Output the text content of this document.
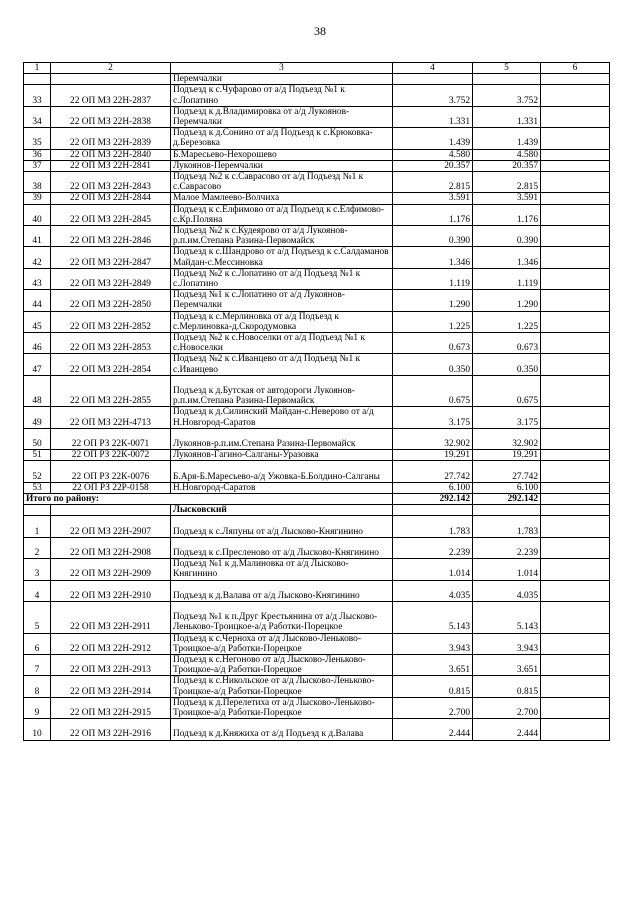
38
1	2	3	4	5	6
		Перемчалки			
33	22 ОП МЗ 22Н-2837	Подъезд к с.Чуфарово от а/д Подъезд №1 к с.Лопатино	3.752	3.752	
34	22 ОП МЗ 22Н-2838	Подъезд к д.Владимировка от а/д Лукоянов-Перемчалки	1.331	1.331	
35	22 ОП МЗ 22Н-2839	Подъезд к д.Сонино от а/д Подъезд к с.Крюковка-д.Березовка	1.439	1.439	
36	22 ОП МЗ 22Н-2840	Б.Маресьево-Нехорошево	4.580	4.580	
37	22 ОП МЗ 22Н-2841	Лукоянов-Перемчалки	20.357	20.357	
38	22 ОП МЗ 22Н-2843	Подъезд №2 к с.Саврасово от а/д Подъезд №1 к с.Саврасово	2.815	2.815	
39	22 ОП МЗ 22Н-2844	Малое Мамлеево-Волчиха	3.591	3.591	
40	22 ОП МЗ 22Н-2845	Подъезд к с.Елфимово от а/д Подъезд к с.Елфимово-с.Кр.Поляна	1.176	1.176	
41	22 ОП МЗ 22Н-2846	Подъезд №2 к с.Кудеярово от а/д Лукоянов-р.п.им.Степана Разина-Первомайск	0.390	0.390	
42	22 ОП МЗ 22Н-2847	Подъезд к с.Шандрово от а/д Подъезд к с.Салдаманов Майдан-с.Мессиновка	1.346	1.346	
43	22 ОП МЗ 22Н-2849	Подъезд №2 к с.Лопатино от а/д Подъезд №1 к с.Лопатино	1.119	1.119	
44	22 ОП МЗ 22Н-2850	Подъезд №1 к с.Лопатино от а/д Лукоянов-Перемчалки	1.290	1.290	
45	22 ОП МЗ 22Н-2852	Подъезд к с.Мерлиновка от а/д Подъезд к с.Мерлиновка-д.Скородумовка	1.225	1.225	
46	22 ОП МЗ 22Н-2853	Подъезд №2 к с.Новоселки от а/д Подъезд №1 к с.Новоселки	0.673	0.673	
47	22 ОП МЗ 22Н-2854	Подъезд №2 к с.Иванцево от а/д Подъезд №1 к с.Иванцево	0.350	0.350	
48	22 ОП МЗ 22Н-2855	Подъезд к д.Бутская от автодороги Лукоянов-р.п.им.Степана Разина-Первомайск	0.675	0.675	
49	22 ОП МЗ 22Н-4713	Подъезд к д.Силинский Майдан-с.Неверово от а/д Н.Новгород-Саратов	3.175	3.175	
50	22 ОП РЗ 22К-0071	Лукоянов-р.п.им.Степана Разина-Первомайск	32.902	32.902	
51	22 ОП РЗ 22К-0072	Лукоянов-Гагино-Салганы-Уразовка	19.291	19.291	
52	22 ОП РЗ 22К-0076	Б.Аря-Б.Маресьево-а/д Ужовка-Б.Болдино-Салганы	27.742	27.742	
53	22 ОП РЗ 22Р-0158	Н.Новгород-Саратов	6.100	6.100	
Итого по району:			292.142	292.142	
		Лысковский			
1	22 ОП МЗ 22Н-2907	Подъезд к с.Ляпуны от а/д Лысково-Княгинино	1.783	1.783	
2	22 ОП МЗ 22Н-2908	Подъезд к с.Пресленово от а/д Лысково-Княгинино	2.239	2.239	
3	22 ОП МЗ 22Н-2909	Подъезд №1 к д.Малиновка от а/д Лысково-Княгинино	1.014	1.014	
4	22 ОП МЗ 22Н-2910	Подъезд к д.Валава от а/д Лысково-Княгинино	4.035	4.035	
5	22 ОП МЗ 22Н-2911	Подъезд №1 к п.Друг Крестьянина от а/д Лысково-Леньково-Троицкое-а/д Работки-Порецкое	5.143	5.143	
6	22 ОП МЗ 22Н-2912	Подъезд к с.Черноха от а/д Лысково-Леньково-Троицкое-а/д Работки-Порецкое	3.943	3.943	
7	22 ОП МЗ 22Н-2913	Подъезд к с.Негоново от а/д Лысково-Леньково-Троицкое-а/д Работки-Порецкое	3.651	3.651	
8	22 ОП МЗ 22Н-2914	Подъезд к с.Никольское от а/д Лысково-Леньково-Троицкое-а/д Работки-Порецкое	0.815	0.815	
9	22 ОП МЗ 22Н-2915	Подъезд к д.Перелетиха от а/д Лысково-Леньково-Троицкое-а/д Работки-Порецкое	2.700	2.700	
10	22 ОП МЗ 22Н-2916	Подъезд к д.Княжиха от а/д Подъезд к д.Валава	2.444	2.444	
